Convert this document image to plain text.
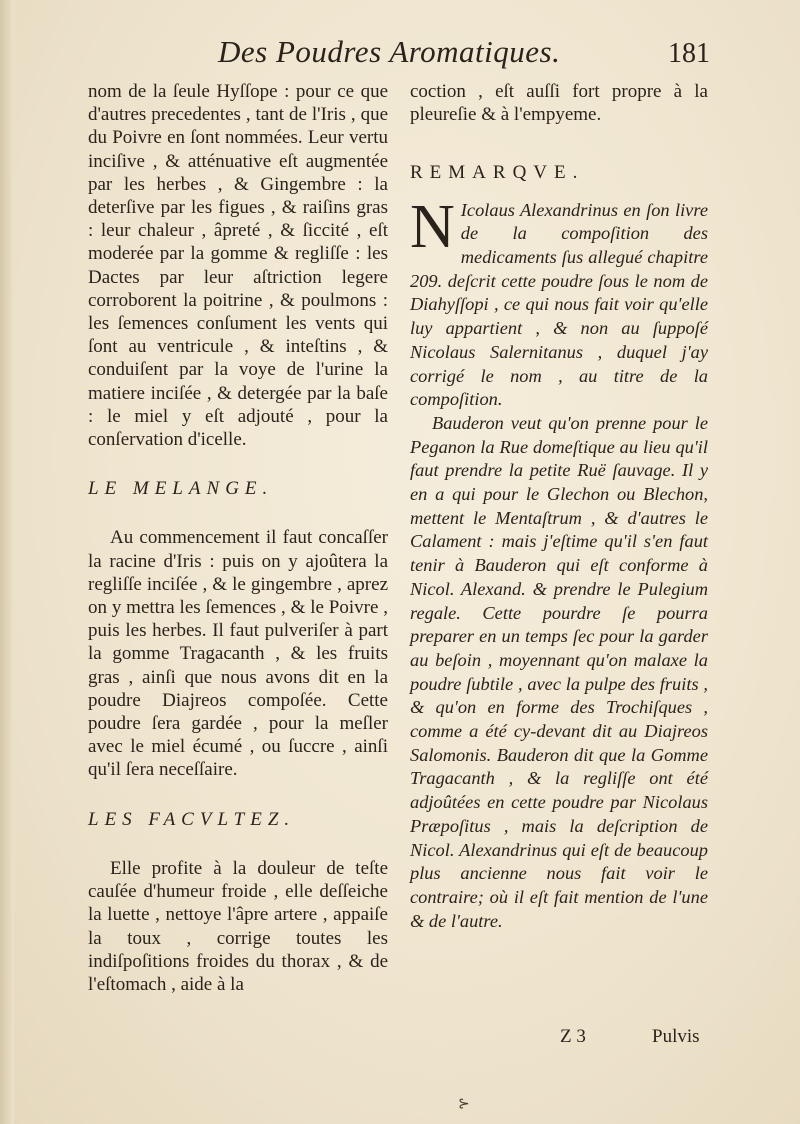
Des Poudres Aromatiques.	181

nom de la ſeule Hyſſope : pour ce que d'autres precedentes , tant de l'Iris , que du Poivre en ſont nommées. Leur vertu inciſive , & atténuative eſt augmentée par les herbes , & Gingembre : la deterſive par les figues , & raiſins gras : leur chaleur , âpreté , & ſiccité , eſt moderée par la gomme & regliſſe : les Dactes par leur aſtriction legere corroborent la poitrine , & poulmons : les ſemences conſument les vents qui ſont au ventricule , & inteſtins , & conduiſent par la voye de l'urine la matiere inciſée , & detergée par la baſe : le miel y eſt adjouté , pour la conſervation d'icelle.

LE MELANGE.

Au commencement il faut concaſſer la racine d'Iris : puis on y ajoûtera la regliſſe inciſée , & le gingembre , aprez on y mettra les ſemences , & le Poivre , puis les herbes. Il faut pulveriſer à part la gomme Tragacanth , & les fruits gras , ainſi que nous avons dit en la poudre Diajreos compoſée. Cette poudre ſera gardée , pour la meſler avec le miel écumé , ou ſuccre , ainſi qu'il ſera neceſſaire.

LES FACVLTEZ.

Elle profite à la douleur de teſte cauſée d'humeur froide , elle deſſeiche la luette , nettoye l'âpre artere , appaiſe la toux , corrige toutes les indiſpoſitions froides du thorax , & de l'eſtomach , aide à la

coction , eſt auſſi fort propre à la pleureſie & à l'empyeme.

REMARQVE.

N Icolaus Alexandrinus en ſon livre de la compoſition des medicaments ſus allegué chapitre 209. deſcrit cette poudre ſous le nom de Diahyſſopi , ce qui nous fait voir qu'elle luy appartient , & non au ſuppoſé Nicolaus Salernitanus , duquel j'ay corrigé le nom , au titre de la compoſition.

Bauderon veut qu'on prenne pour le Peganon la Rue domeſtique au lieu qu'il faut prendre la petite Ruë ſauvage. Il y en a qui pour le Glechon ou Blechon, mettent le Mentaſtrum , & d'autres le Calament : mais j'eſtime qu'il s'en faut tenir à Bauderon qui eſt conforme à Nicol. Alexand. & prendre le Pulegium regale. Cette pourdre ſe pourra preparer en un temps ſec pour la garder au beſoin , moyennant qu'on malaxe la poudre ſubtile , avec la pulpe des fruits , & qu'on en forme des Trochiſques , comme a été cy-devant dit au Diajreos Salomonis. Bauderon dit que la Gomme Tragacanth , & la regliſſe ont été adjoûtées en cette poudre par Nicolaus Præpoſitus , mais la deſcription de Nicol. Alexandrinus qui eſt de beaucoup plus ancienne nous fait voir le contraire; où il eſt fait mention de l'une & de l'autre.

Z 3	Pulvis
⊱
